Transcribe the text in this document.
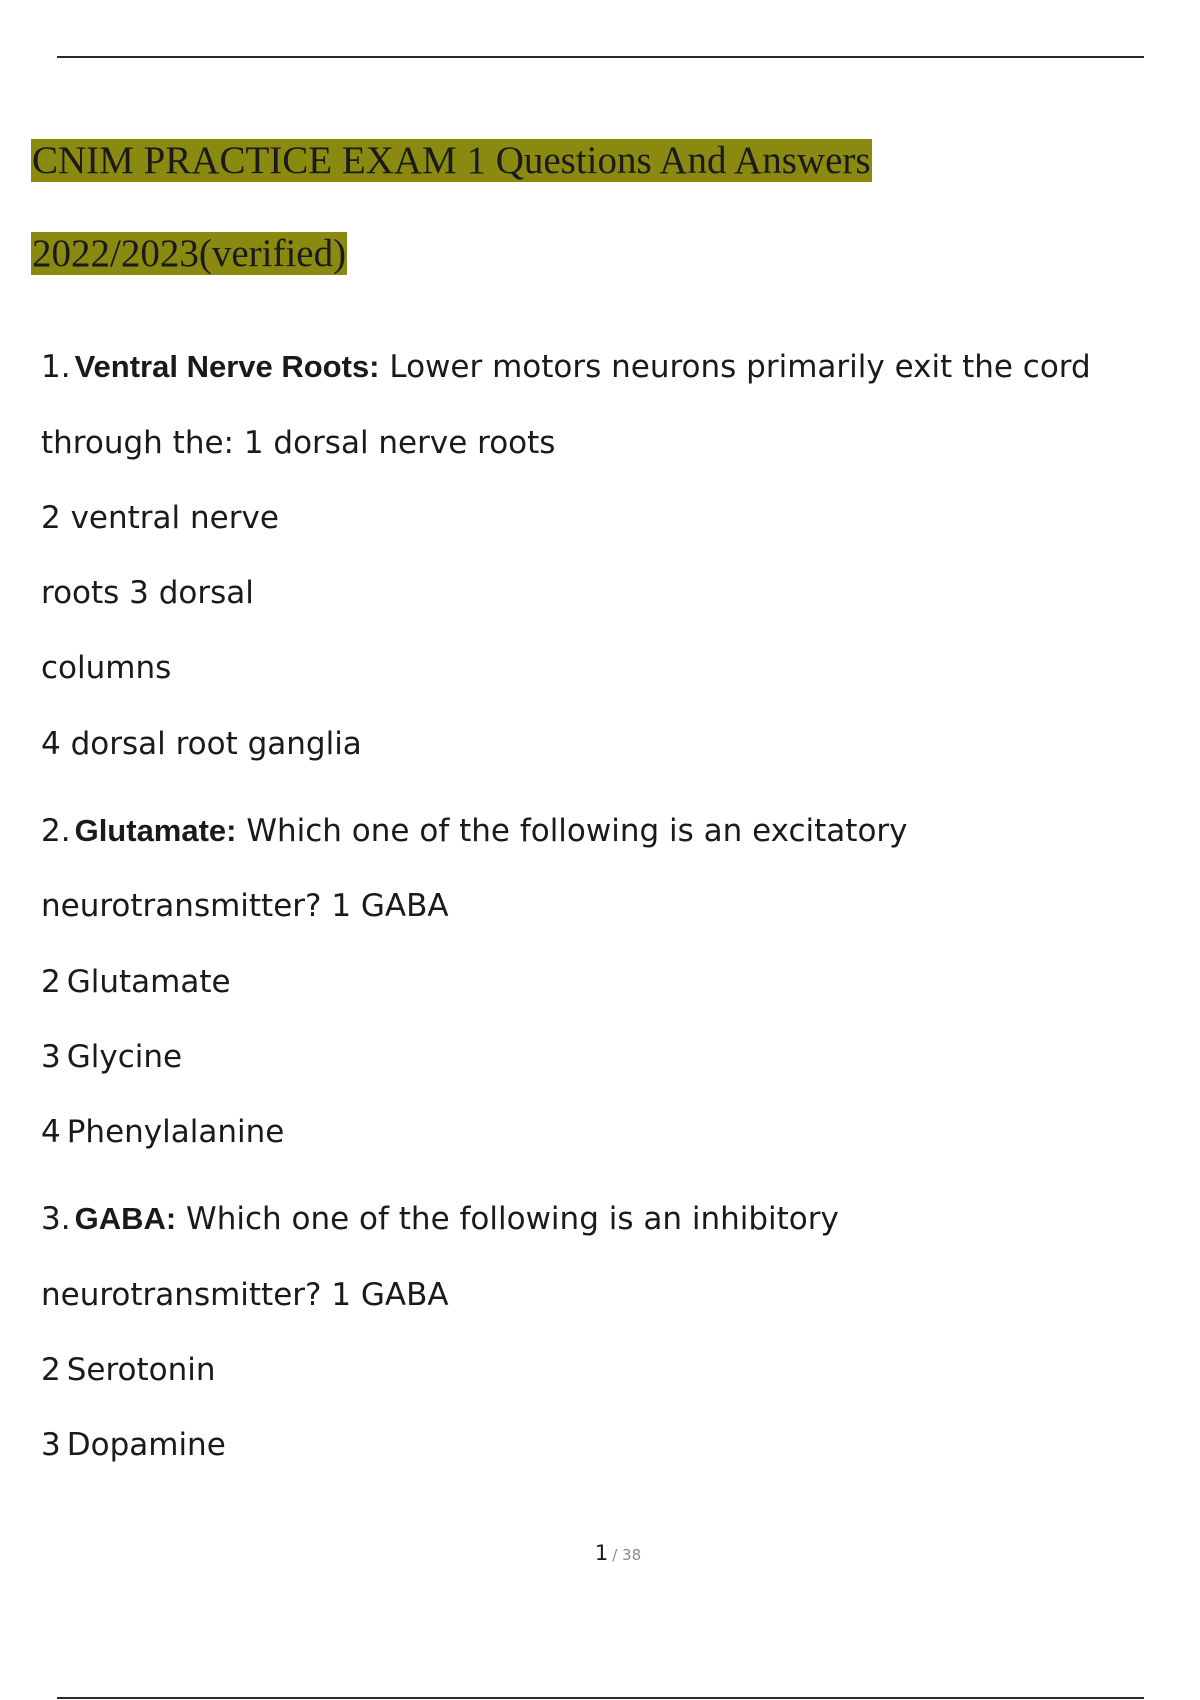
CNIM PRACTICE EXAM 1 Questions And Answers
2022/2023(verified)
1. Ventral Nerve Roots: Lower motors neurons primarily exit the cord
through the: 1 dorsal nerve roots
2 ventral nerve
roots 3 dorsal
columns
4 dorsal root ganglia
2. Glutamate: Which one of the following is an excitatory
neurotransmitter? 1 GABA
2 Glutamate
3 Glycine
4 Phenylalanine
3. GABA: Which one of the following is an inhibitory
neurotransmitter? 1 GABA
2 Serotonin
3 Dopamine
1 / 38
